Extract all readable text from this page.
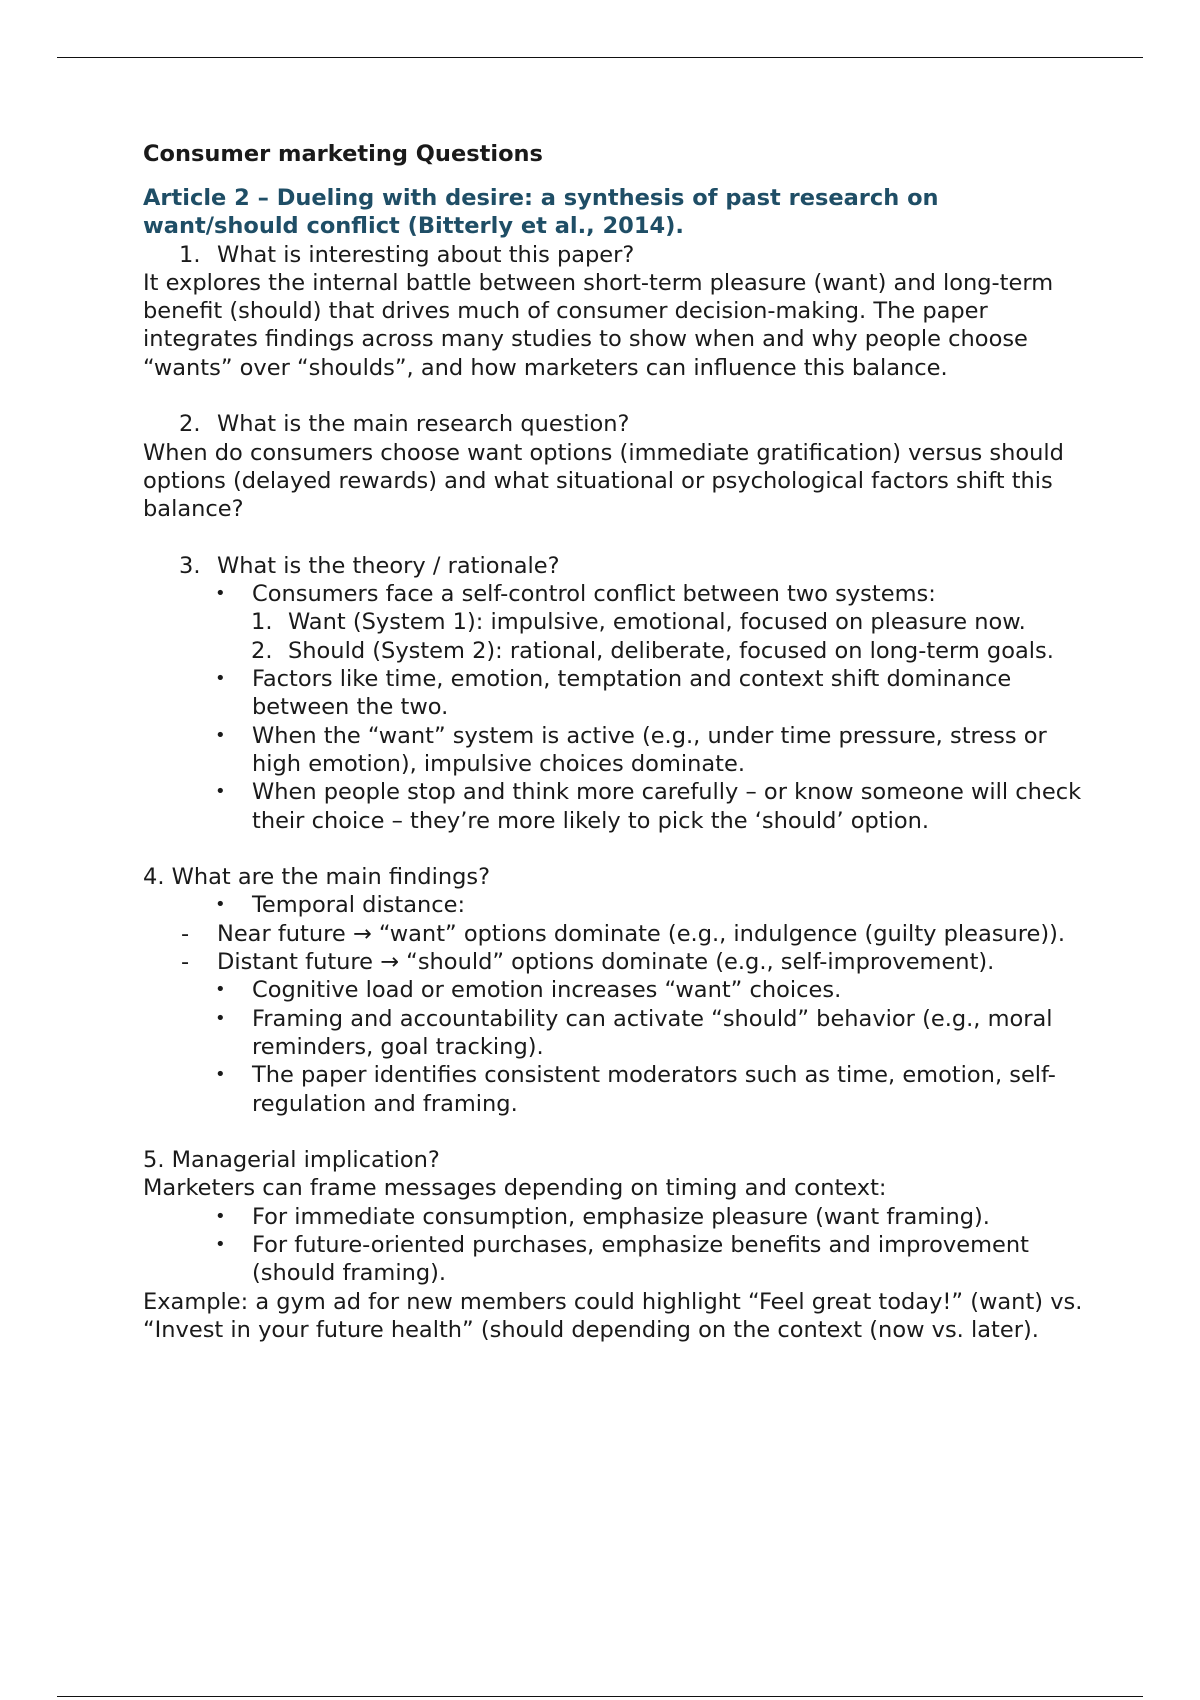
Consumer marketing Questions

Article 2 – Dueling with desire: a synthesis of past research on
want/should conflict (Bitterly et al., 2014).

1. What is interesting about this paper?

It explores the internal battle between short-term pleasure (want) and long-term benefit (should) that drives much of consumer decision-making. The paper integrates findings across many studies to show when and why people choose “wants” over “shoulds”, and how marketers can influence this balance.

2. What is the main research question?

When do consumers choose want options (immediate gratification) versus should options (delayed rewards) and what situational or psychological factors shift this balance?

3. What is the theory / rationale?

• Consumers face a self-control conflict between two systems:

1. Want (System 1): impulsive, emotional, focused on pleasure now.

2. Should (System 2): rational, deliberate, focused on long-term goals.

• Factors like time, emotion, temptation and context shift dominance between the two.

• When the “want” system is active (e.g., under time pressure, stress or high emotion), impulsive choices dominate.

• When people stop and think more carefully – or know someone will check their choice – they’re more likely to pick the ‘should’ option.

4. What are the main findings?

• Temporal distance:

- Near future → “want” options dominate (e.g., indulgence (guilty pleasure)).

- Distant future → “should” options dominate (e.g., self-improvement).

• Cognitive load or emotion increases “want” choices.

• Framing and accountability can activate “should” behavior (e.g., moral reminders, goal tracking).

• The paper identifies consistent moderators such as time, emotion, self-regulation and framing.

5. Managerial implication?

Marketers can frame messages depending on timing and context:

• For immediate consumption, emphasize pleasure (want framing).

• For future-oriented purchases, emphasize benefits and improvement (should framing).

Example: a gym ad for new members could highlight “Feel great today!” (want) vs. “Invest in your future health” (should depending on the context (now vs. later).
